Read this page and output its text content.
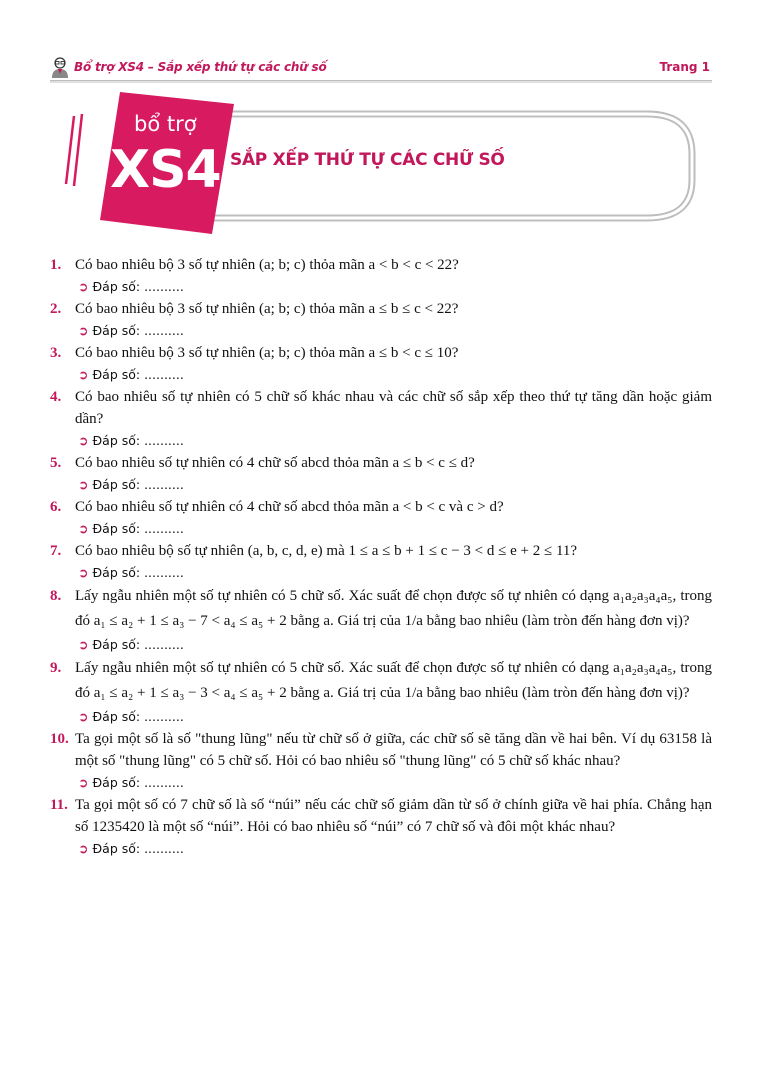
Bổ trợ XS4 – Sắp xếp thứ tự các chữ số	Trang 1
bổ trợ
XS4 SẮP XẾP THỨ TỰ CÁC CHỮ SỐ
1. Có bao nhiêu bộ 3 số tự nhiên (a; b; c) thỏa mãn a < b < c < 22?
➲ Đáp số: ..........
2. Có bao nhiêu bộ 3 số tự nhiên (a; b; c) thỏa mãn a ≤ b ≤ c < 22?
➲ Đáp số: ..........
3. Có bao nhiêu bộ 3 số tự nhiên (a; b; c) thỏa mãn a ≤ b < c ≤ 10?
➲ Đáp số: ..........
4. Có bao nhiêu số tự nhiên có 5 chữ số khác nhau và các chữ số sắp xếp theo thứ tự tăng dần hoặc giảm dần?
➲ Đáp số: ..........
5. Có bao nhiêu số tự nhiên có 4 chữ số abcd thỏa mãn a ≤ b < c ≤ d?
➲ Đáp số: ..........
6. Có bao nhiêu số tự nhiên có 4 chữ số abcd thỏa mãn a < b < c và c > d?
➲ Đáp số: ..........
7. Có bao nhiêu bộ số tự nhiên (a, b, c, d, e) mà 1 ≤ a ≤ b + 1 ≤ c − 3 < d ≤ e + 2 ≤ 11?
➲ Đáp số: ..........
8. Lấy ngẫu nhiên một số tự nhiên có 5 chữ số. Xác suất để chọn được số tự nhiên có dạng a₁a₂a₃a₄a₅, trong đó a₁ ≤ a₂ + 1 ≤ a₃ − 7 < a₄ ≤ a₅ + 2 bằng a. Giá trị của 1/a bằng bao nhiêu (làm tròn đến hàng đơn vị)?
➲ Đáp số: ..........
9. Lấy ngẫu nhiên một số tự nhiên có 5 chữ số. Xác suất để chọn được số tự nhiên có dạng a₁a₂a₃a₄a₅, trong đó a₁ ≤ a₂ + 1 ≤ a₃ − 3 < a₄ ≤ a₅ + 2 bằng a. Giá trị của 1/a bằng bao nhiêu (làm tròn đến hàng đơn vị)?
➲ Đáp số: ..........
10. Ta gọi một số là số "thung lũng" nếu từ chữ số ở giữa, các chữ số sẽ tăng dần về hai bên. Ví dụ 63158 là một số "thung lũng" có 5 chữ số. Hỏi có bao nhiêu số "thung lũng" có 5 chữ số khác nhau?
➲ Đáp số: ..........
11. Ta gọi một số có 7 chữ số là số “núi” nếu các chữ số giảm dần từ số ở chính giữa về hai phía. Chẳng hạn số 1235420 là một số “núi”. Hỏi có bao nhiêu số “núi” có 7 chữ số và đôi một khác nhau?
➲ Đáp số: ..........
